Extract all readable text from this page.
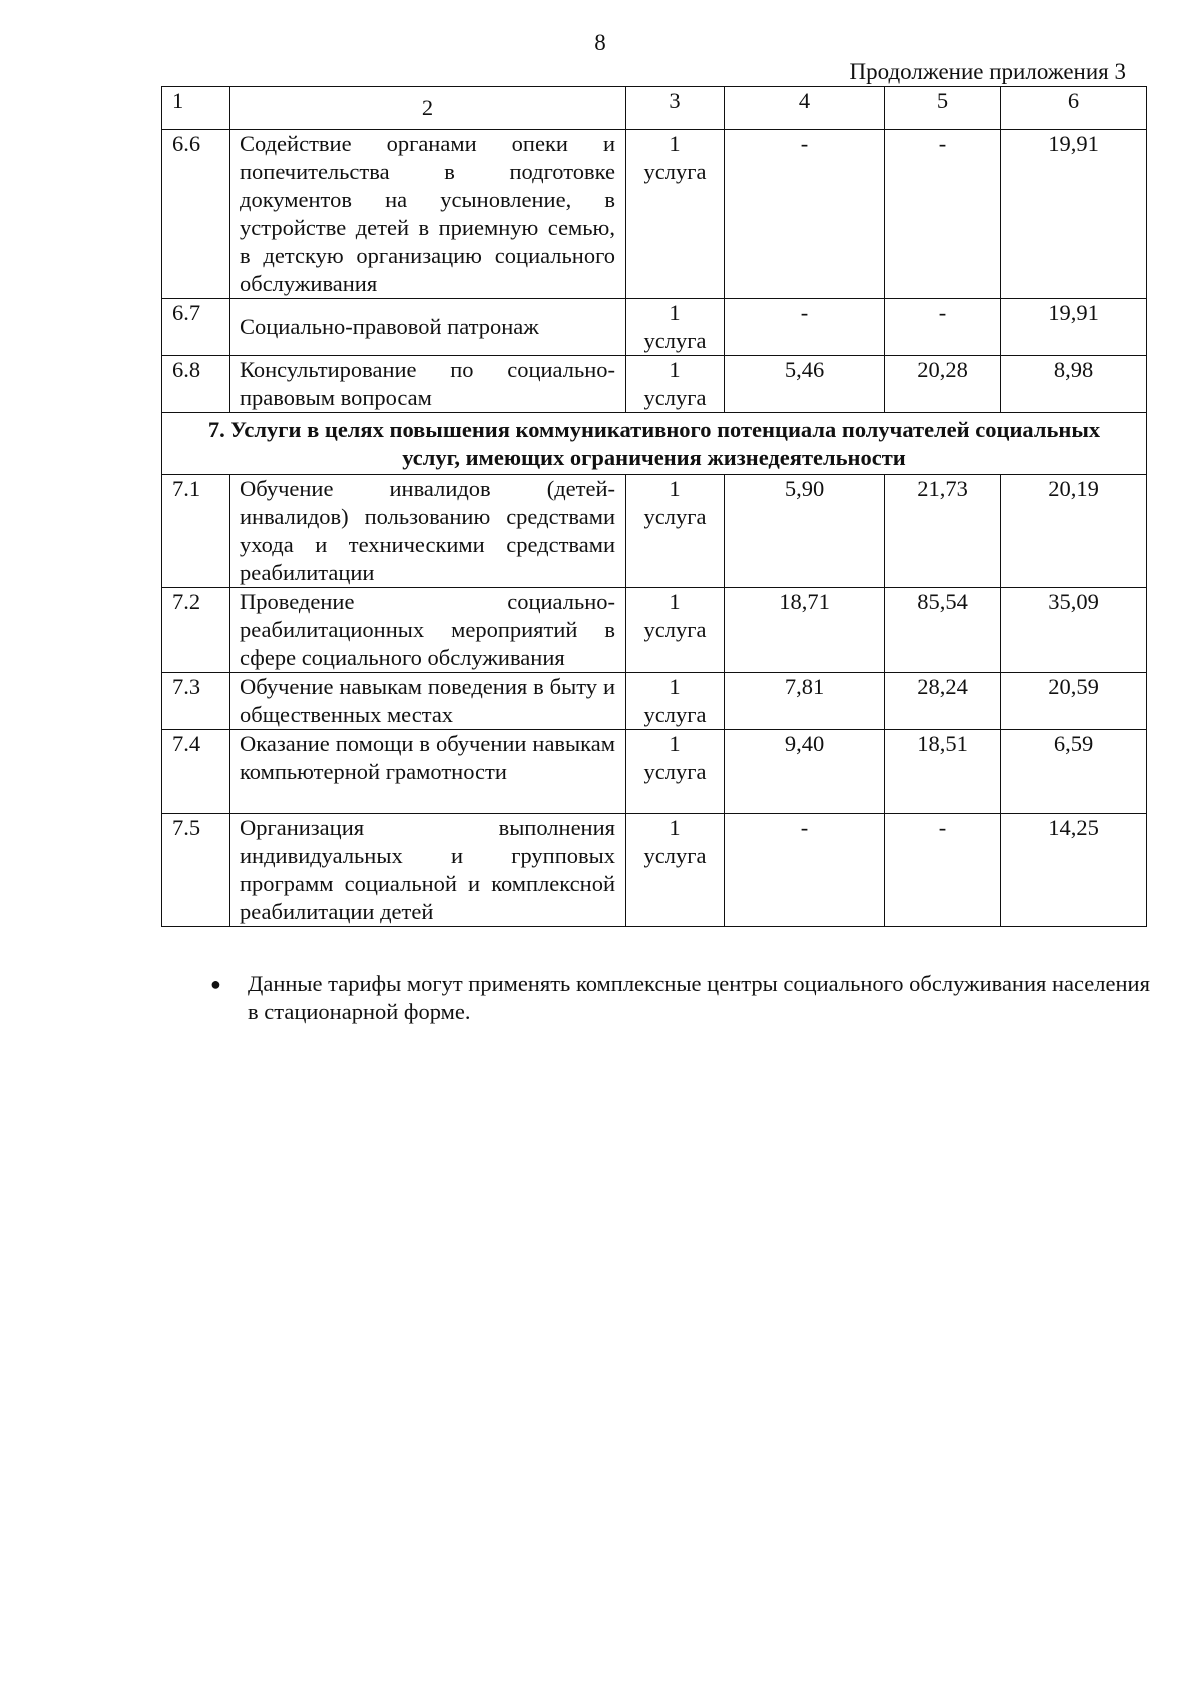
8
Продолжение приложения 3
1	2	3	4	5	6
6.6	Содействие органами опеки и попечительства в подготовке документов на усыновление, в устройстве детей в приемную семью, в детскую организацию социального обслуживания	1 услуга	-	-	19,91
6.7	Социально-правовой патронаж	1 услуга	-	-	19,91
6.8	Консультирование по социально-правовым вопросам	1 услуга	5,46	20,28	8,98
7. Услуги в целях повышения коммуникативного потенциала получателей социальных услуг, имеющих ограничения жизнедеятельности					
7.1	Обучение инвалидов (детей-инвалидов) пользованию средствами ухода и техническими средствами реабилитации	1 услуга	5,90	21,73	20,19
7.2	Проведение социально-реабилитационных мероприятий в сфере социального обслуживания	1 услуга	18,71	85,54	35,09
7.3	Обучение навыкам поведения в быту и общественных местах	1 услуга	7,81	28,24	20,59
7.4	Оказание помощи в обучении навыкам компьютерной грамотности	1 услуга	9,40	18,51	6,59
7.5	Организация выполнения индивидуальных и групповых программ социальной и комплексной реабилитации детей	1 услуга	-	-	14,25
● Данные тарифы могут применять комплексные центры социального обслуживания населения в стационарной форме.
